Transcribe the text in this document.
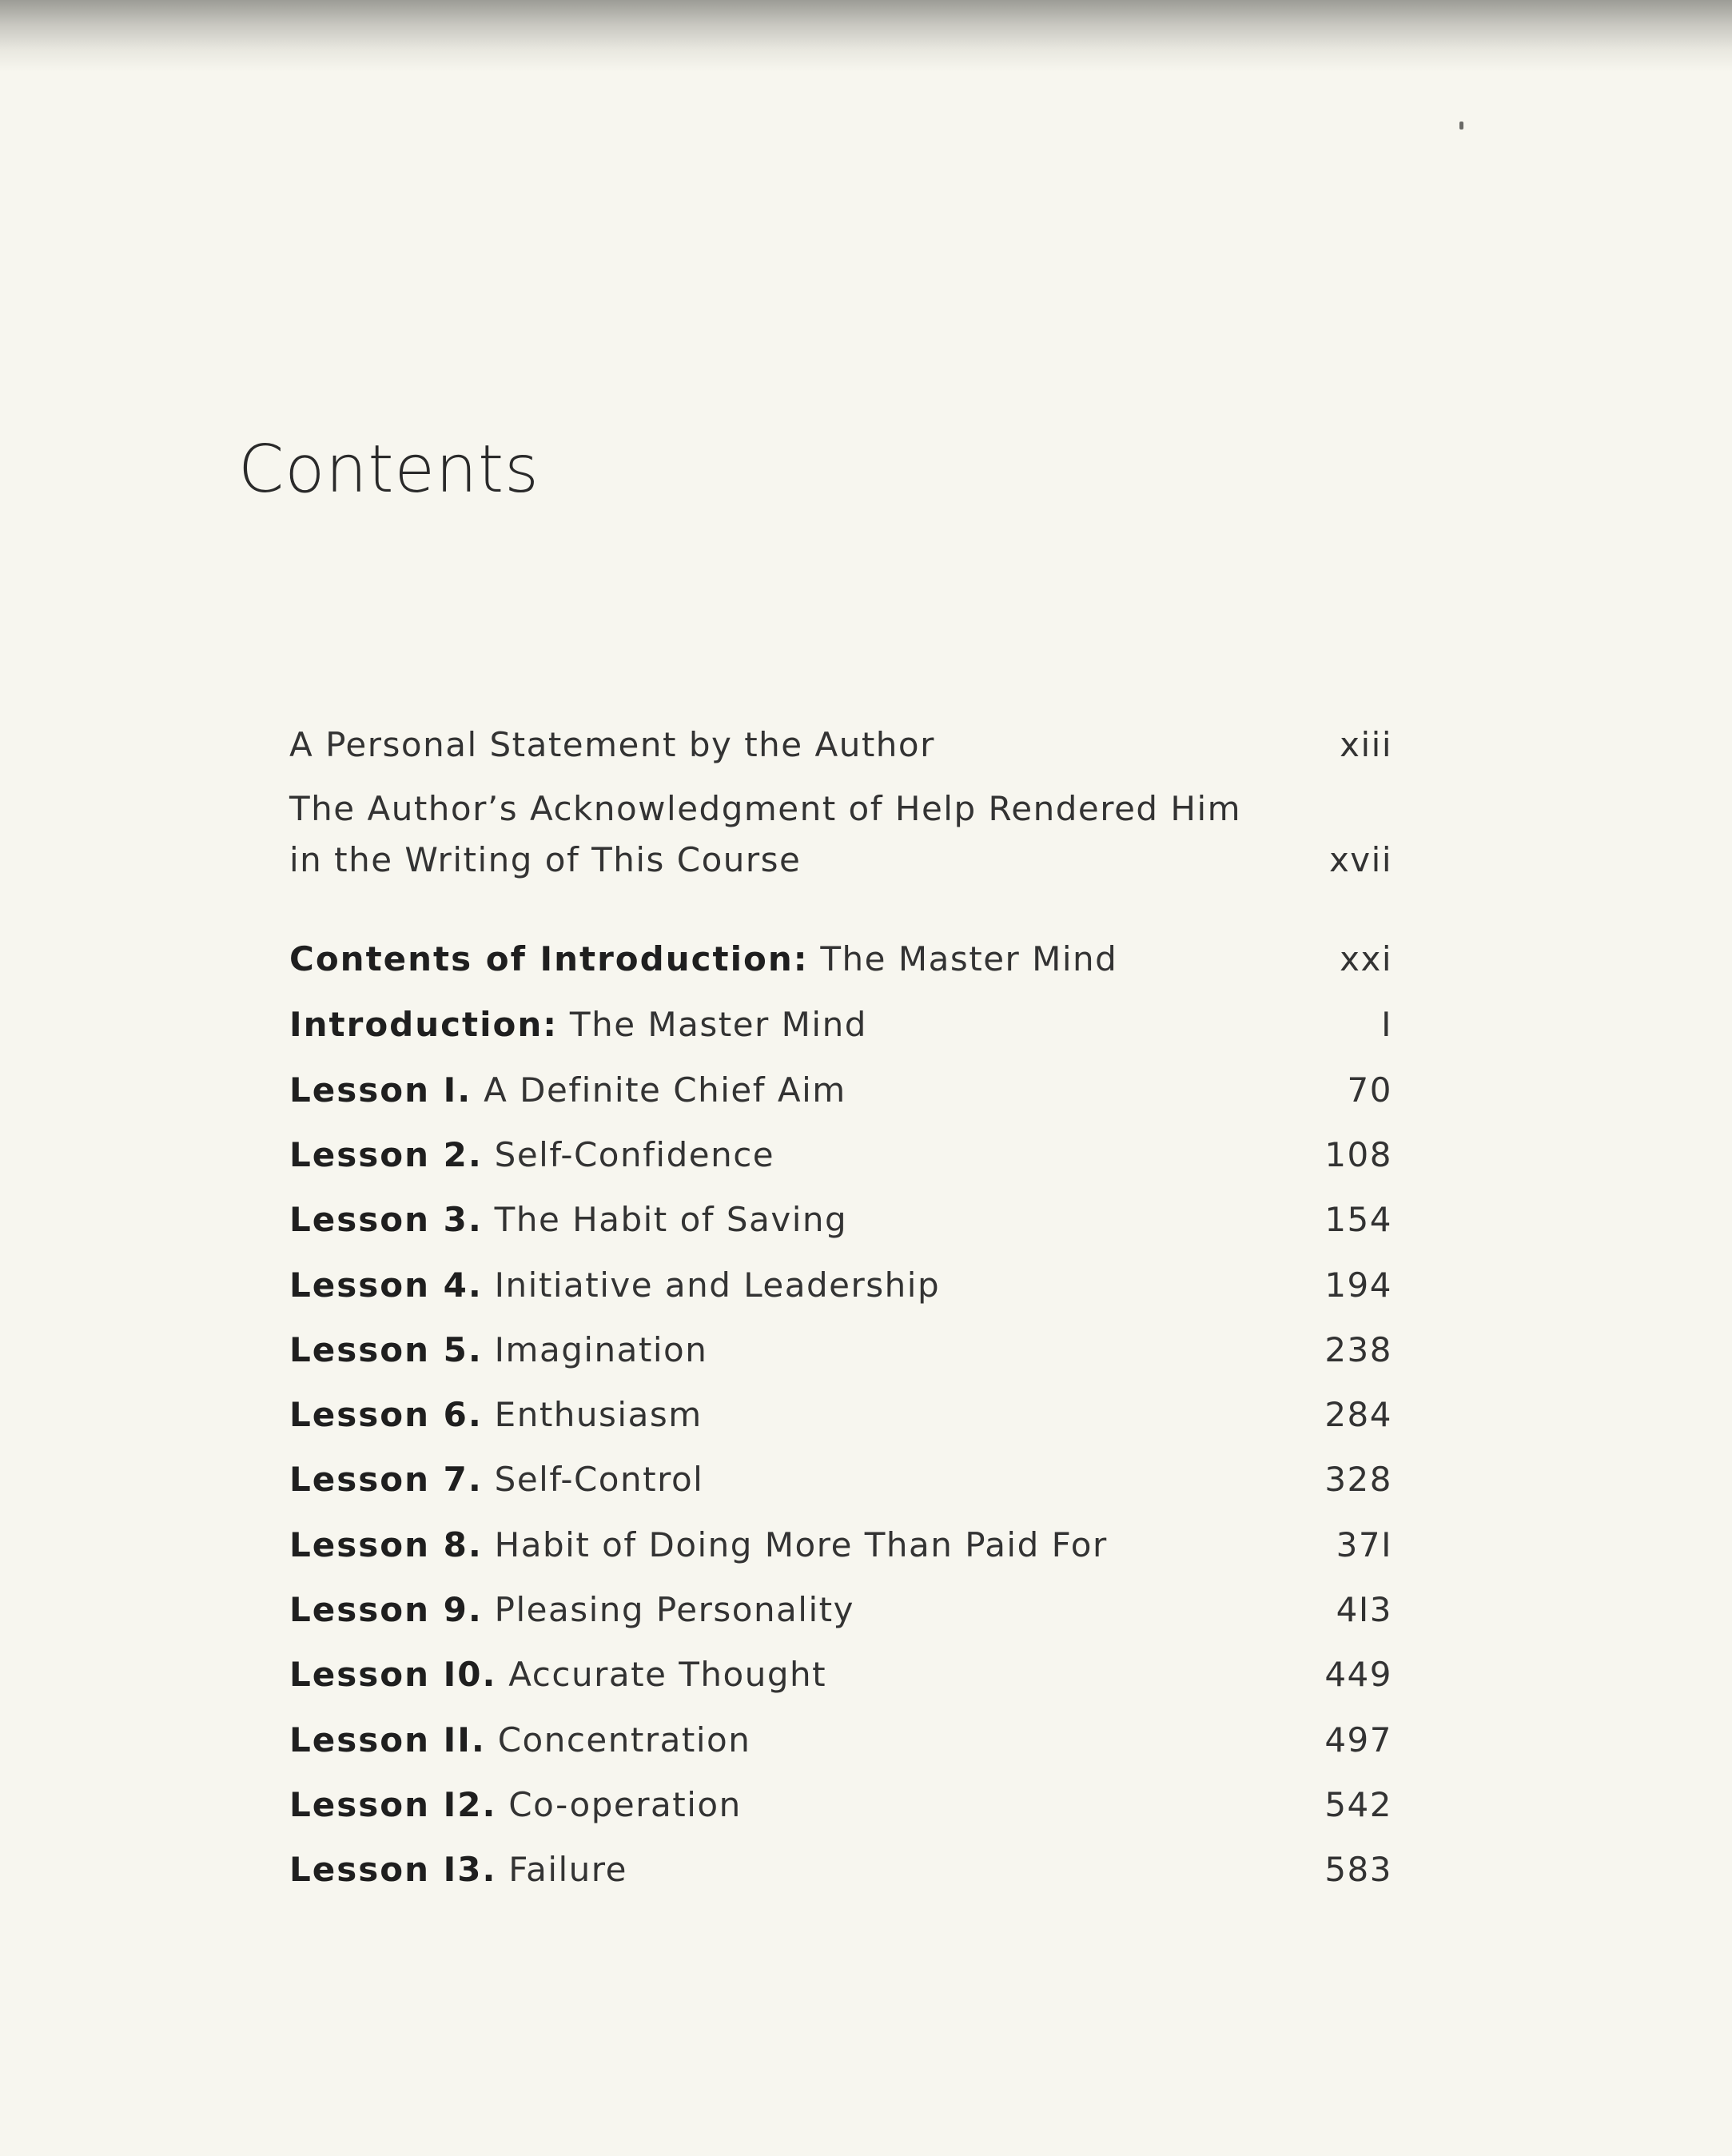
Contents
A Personal Statement by the Author	xiii
The Author’s Acknowledgment of Help Rendered Him
in the Writing of This Course	xvii
Contents of Introduction: The Master Mind	xxi
Introduction: The Master Mind	I
Lesson I. A Definite Chief Aim	70
Lesson 2. Self-Confidence	108
Lesson 3. The Habit of Saving	154
Lesson 4. Initiative and Leadership	194
Lesson 5. Imagination	238
Lesson 6. Enthusiasm	284
Lesson 7. Self-Control	328
Lesson 8. Habit of Doing More Than Paid For	37I
Lesson 9. Pleasing Personality	4I3
Lesson I0. Accurate Thought	449
Lesson II. Concentration	497
Lesson I2. Co-operation	542
Lesson I3. Failure	583
